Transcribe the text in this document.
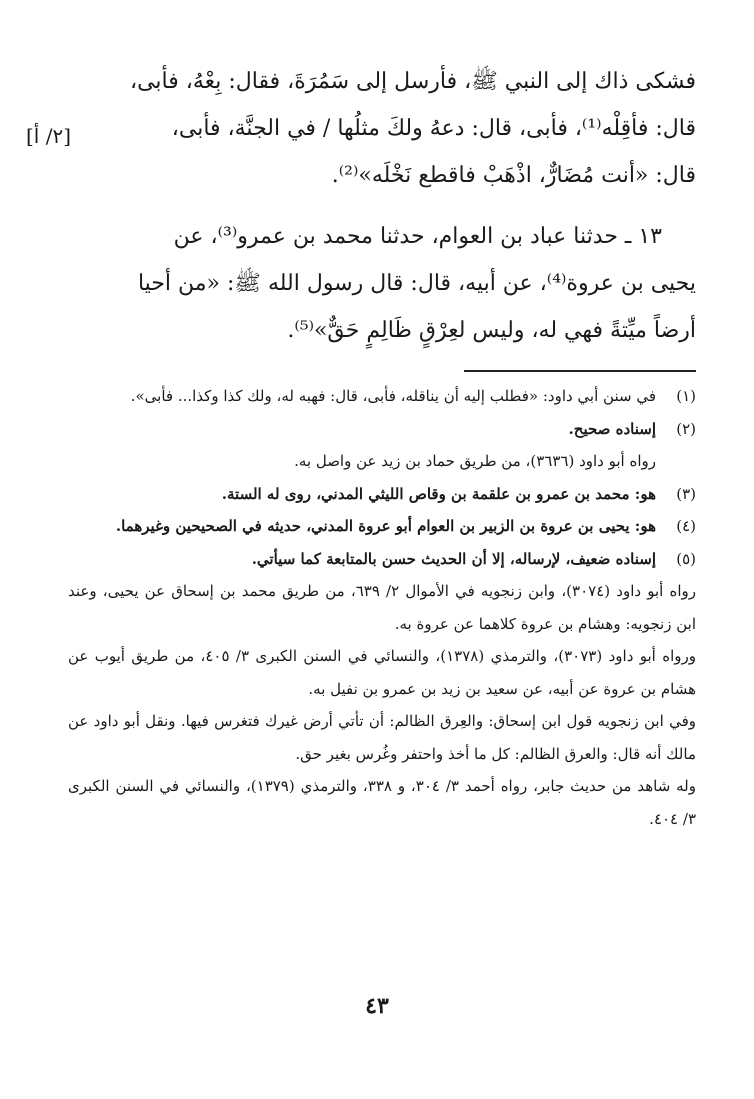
فشكى ذاك إلى النبي ﷺ، فأرسل إلى سَمُرَةَ، فقال: بِعْهُ، فأبى،
قال: فأقِلْه⁽¹⁾، فأبى، قال: دعهُ ولكَ مثلُها / في الجنَّة، فأبى،
قال: «أنت مُضَارٌّ، اذْهَبْ فاقطع نَخْلَه»⁽²⁾.

١٣ ـ حدثنا عباد بن العوام، حدثنا محمد بن عمرو⁽³⁾، عن
يحيى بن عروة⁽⁴⁾، عن أبيه، قال: قال رسول الله ﷺ: «من أحيا
أرضاً ميِّتةً فهي له، وليس لعِرْقٍ ظَالِمٍ حَقٌّ»⁽⁵⁾.

[٢/ أ]
(١)
في سنن أبي داود: «فطلب إليه أن يناقله، فأبى، قال: فهبه له، ولك كذا وكذا... فأبى».
(٢)
إسناده صحيح.
رواه أبو داود (٣٦٣٦)، من طريق حماد بن زيد عن واصل به.
(٣)
هو: محمد بن عمرو بن علقمة بن وقاص الليثي المدني، روى له الستة.
(٤)
هو: يحيى بن عروة بن الزبير بن العوام أبو عروة المدني، حديثه في الصحيحين وغيرهما.
(٥)
إسناده ضعيف، لإرساله، إلا أن الحديث حسن بالمتابعة كما سيأتي.
رواه أبو داود (٣٠٧٤)، وابن زنجويه في الأموال ٢/ ٦٣٩، من طريق محمد بن إسحاق عن يحيى، وعند ابن زنجويه: وهشام بن عروة كلاهما عن عروة به.
ورواه أبو داود (٣٠٧٣)، والترمذي (١٣٧٨)، والنسائي في السنن الكبرى ٣/ ٤٠٥، من طريق أيوب عن هشام بن عروة عن أبيه، عن سعيد بن زيد بن عمرو بن نفيل به.
وفي ابن زنجويه قول ابن إسحاق: والعِرق الظالم: أن تأتي أرض غيرك فتغرس فيها. ونقل أبو داود عن مالك أنه قال: والعرق الظالم: كل ما أخذ واحتفر وغُرس بغير حق.
وله شاهد من حديث جابر، رواه أحمد ٣/ ٣٠٤، و ٣٣٨، والترمذي (١٣٧٩)، والنسائي في السنن الكبرى ٣/ ٤٠٤.
٤٣
